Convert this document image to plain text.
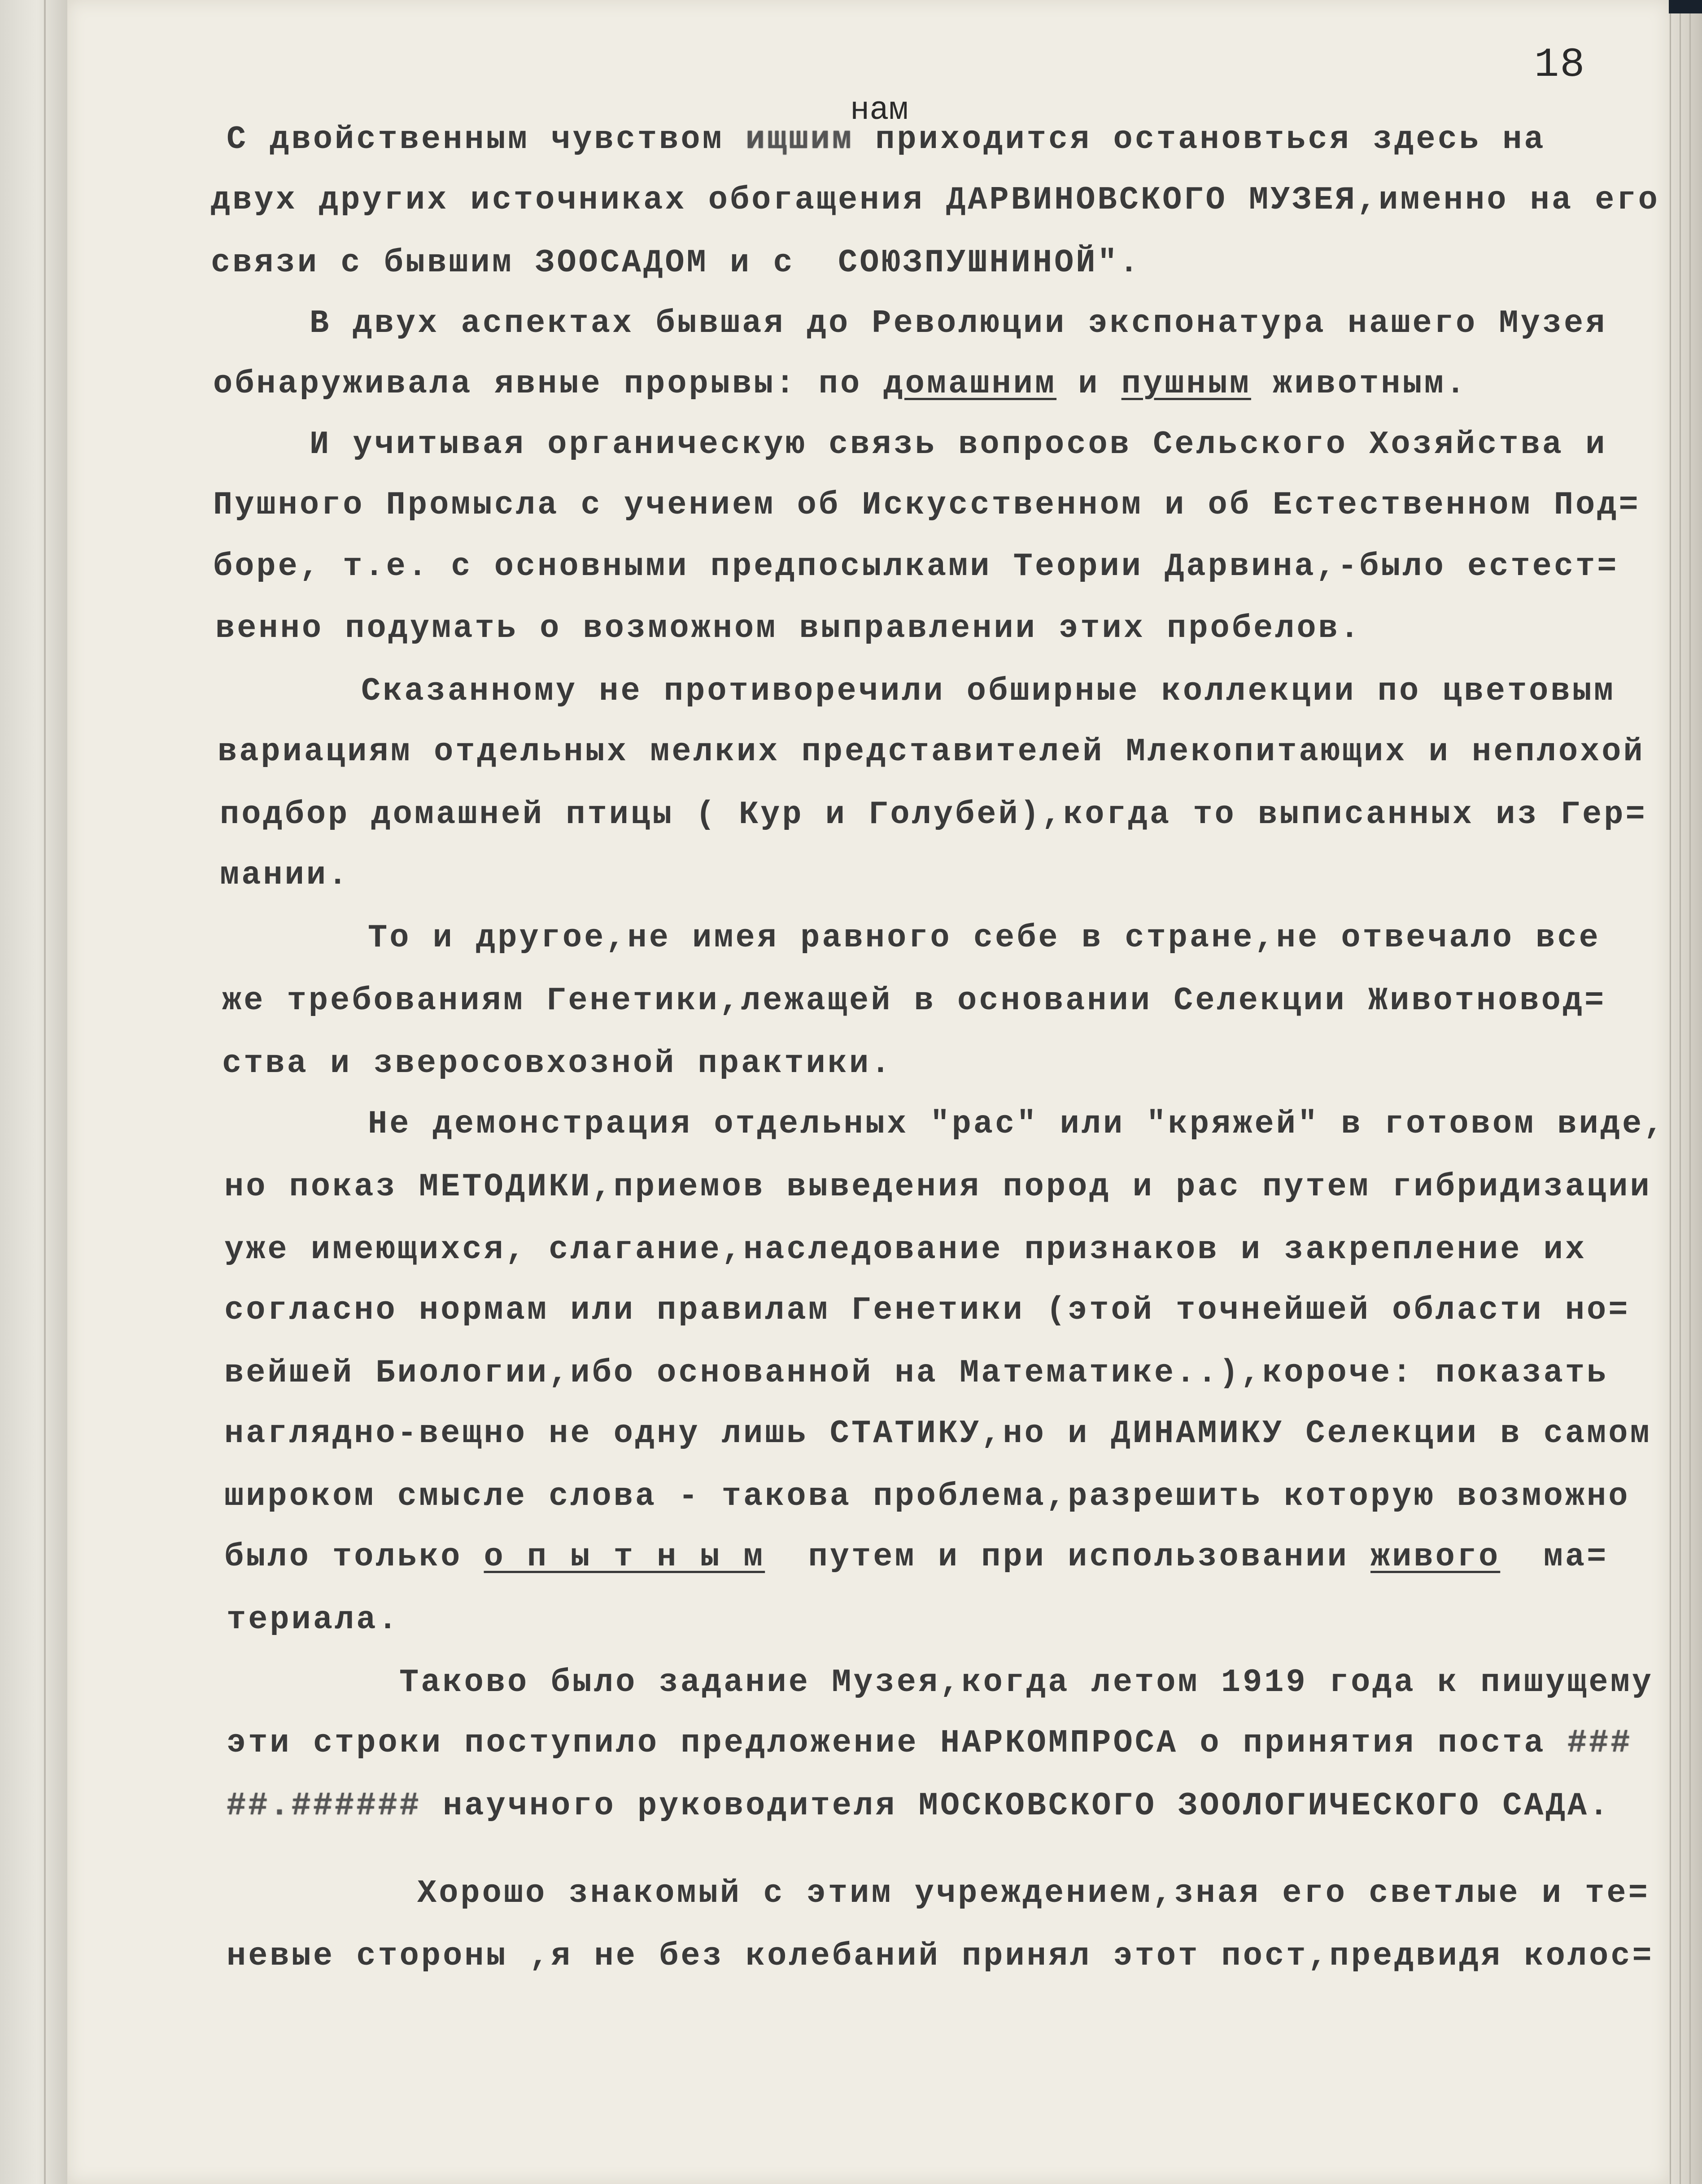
18
нам

С двойственным чувством ищшим приходится остановться здесь на

двух других источниках обогащения ДАРВИНОВСКОГО МУЗЕЯ,именно на его

связи с бывшим ЗООСАДОМ и с  СОЮЗПУШНИНОЙ".

В двух аспектах бывшая до Революции экспонатура нашего Музея

обнаруживала явные прорывы: по домашним и пушным животным.

И учитывая органическую связь вопросов Сельского Хозяйства и

Пушного Промысла с учением об Искусственном и об Естественном Под=

боре, т.е. с основными предпосылками Теории Дарвина,-было естест=

венно подумать о возможном выправлении этих пробелов.

Сказанному не противоречили обширные коллекции по цветовым

вариациям отдельных мелких представителей Млекопитающих и неплохой

подбор домашней птицы ( Кур и Голубей),когда то выписанных из Гер=

мании.

То и другое,не имея равного себе в стране,не отвечало все

же требованиям Генетики,лежащей в основании Селекции Животновод=

ства и зверосовхозной практики.

Не демонстрация отдельных "рас" или "кряжей" в готовом виде,

но показ МЕТОДИКИ,приемов выведения пород и рас путем гибридизации

уже имеющихся, слагание,наследование признаков и закрепление их

согласно нормам или правилам Генетики (этой точнейшей области но=

вейшей Биологии,ибо основанной на Математике..),короче: показать

наглядно-вещно не одну лишь СТАТИКУ,но и ДИНАМИКУ Селекции в самом

широком смысле слова - такова проблема,разрешить которую возможно

было только о п ы т н ы м  путем и при использовании живого  ма=

териала.

Таково было задание Музея,когда летом 1919 года к пишущему

эти строки поступило предложение НАРКОМПРОСА о принятия поста ###

##.###### научного руководителя МОСКОВСКОГО ЗООЛОГИЧЕСКОГО САДА.

Хорошо знакомый с этим учреждением,зная его светлые и те=

невые стороны ,я не без колебаний принял этот пост,предвидя колос=
